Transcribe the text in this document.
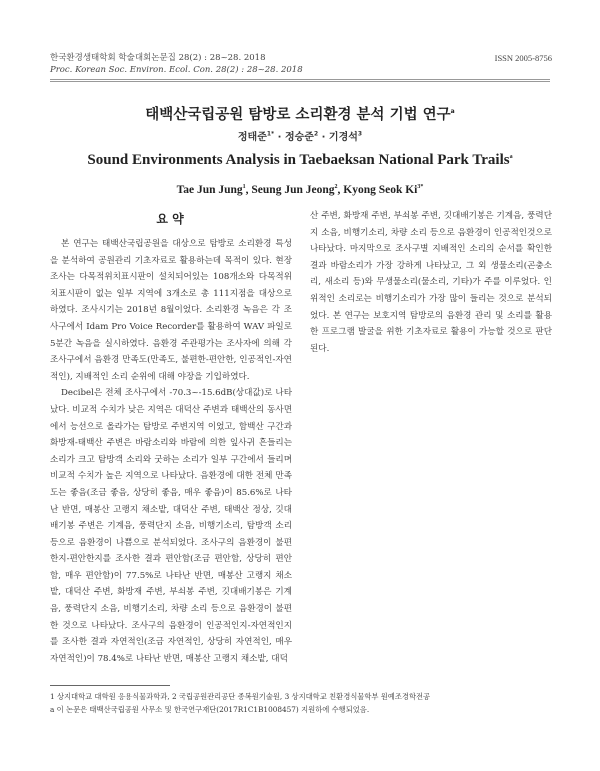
한국환경생태학회 학술대회논문집 28(2) : 28~28. 2018
Proc. Korean Soc. Environ. Ecol. Con. 28(2) : 28~28. 2018
ISSN 2005-8756
태백산국립공원 탐방로 소리환경 분석 기법 연구$^a$
정태준$^{1*}$ · 정승준$^2$ · 기경석$^3$
Sound Environments Analysis in Taebaeksan National Park Trails$^a$
Tae Jun Jung$^1$, Seung Jun Jeong$^2$, Kyong Seok $Ki^{3*}$
요 약

본 연구는 태백산국립공원을 대상으로 탐방로 소리환경 특성을 분석하여 공원관리 기초자료로 활용하는데 목적이 있다. 현장조사는 다목적위치표시판이 설치되어있는 108개소와 다목적위치표시판이 없는 일부 지역에 3개소로 총 111지점을 대상으로 하였다. 조사시기는 2018년 8월이었다. 소리환경 녹음은 각 조사구에서 Idam Pro Voice Recorder를 활용하여 WAV 파일로 5분간 녹음을 실시하였다. 음환경 주관평가는 조사자에 의해 각 조사구에서 음환경 만족도(만족도, 불편한-편안한, 인공적인-자연적인), 지배적인 소리 순위에 대해 야장을 기입하였다.

Decibel은 전체 조사구에서 -70.3~-15.6dB(상대값)로 나타났다. 비교적 수치가 낮은 지역은 대덕산 주변과 태백산의 동사면에서 능선으로 올라가는 탐방로 주변지역 이었고, 함백산 구간과 화방재-태백산 주변은 바람소리와 바람에 의한 잎사귀 흔들리는 소리가 크고 탐방객 소리와 굿하는 소리가 일부 구간에서 들리며 비교적 수치가 높은 지역으로 나타났다. 음환경에 대한 전체 만족도는 좋음(조금 좋음, 상당히 좋음, 매우 좋음)이 85.6%로 나타난 반면, 매봉산 고랭지 채소밭, 대덕산 주변, 태백산 정상, 깃대배기봉 주변은 기계음, 풍력단지 소음, 비행기소리, 탐방객 소리 등으로 음환경이 나쁨으로 분석되었다. 조사구의 음환경이 불편한지-편안한지를 조사한 결과 편안함(조금 편안함, 상당히 편안함, 매우 편안함)이 77.5%로 나타난 반면, 매봉산 고랭지 채소밭, 대덕산 주변, 화방재 주변, 부쇠봉 주변, 깃대배기봉은 기계음, 풍력단지 소음, 비행기소리, 차량 소리 등으로 음환경이 불편한 것으로 나타났다. 조사구의 음환경이 인공적인지-자연적인지를 조사한 결과 자연적인(조금 자연적인, 상당히 자연적인, 매우 자연적인)이 78.4%로 나타난 반면, 매봉산 고랭지 채소밭, 대덕

산 주변, 화방재 주변, 부쇠봉 주변, 깃대배기봉은 기계음, 풍력단지 소음, 비행기소리, 차량 소리 등으로 음환경이 인공적인것으로 나타났다. 마지막으로 조사구별 지배적인 소리의 순서를 확인한 결과 바람소리가 가장 강하게 나타났고, 그 외 생물소리(곤충소리, 새소리 등)와 무생물소리(물소리, 기타)가 주를 이루었다. 인위적인 소리로는 비행기소리가 가장 많이 들리는 것으로 분석되었다. 본 연구는 보호지역 탐방로의 음환경 관리 및 소리를 활용한 프로그램 발굴을 위한 기초자료로 활용이 가능할 것으로 판단된다.

1 상지대학교 대학원 응용식물과학과, 2 국립공원관리공단 종복원기술원, 3 상지대학교 친환경식물학부 원예조경학전공
a 이 논문은 태백산국립공원 사무소 및 한국연구재단(2017R1C1B1008457) 지원하에 수행되었음.
